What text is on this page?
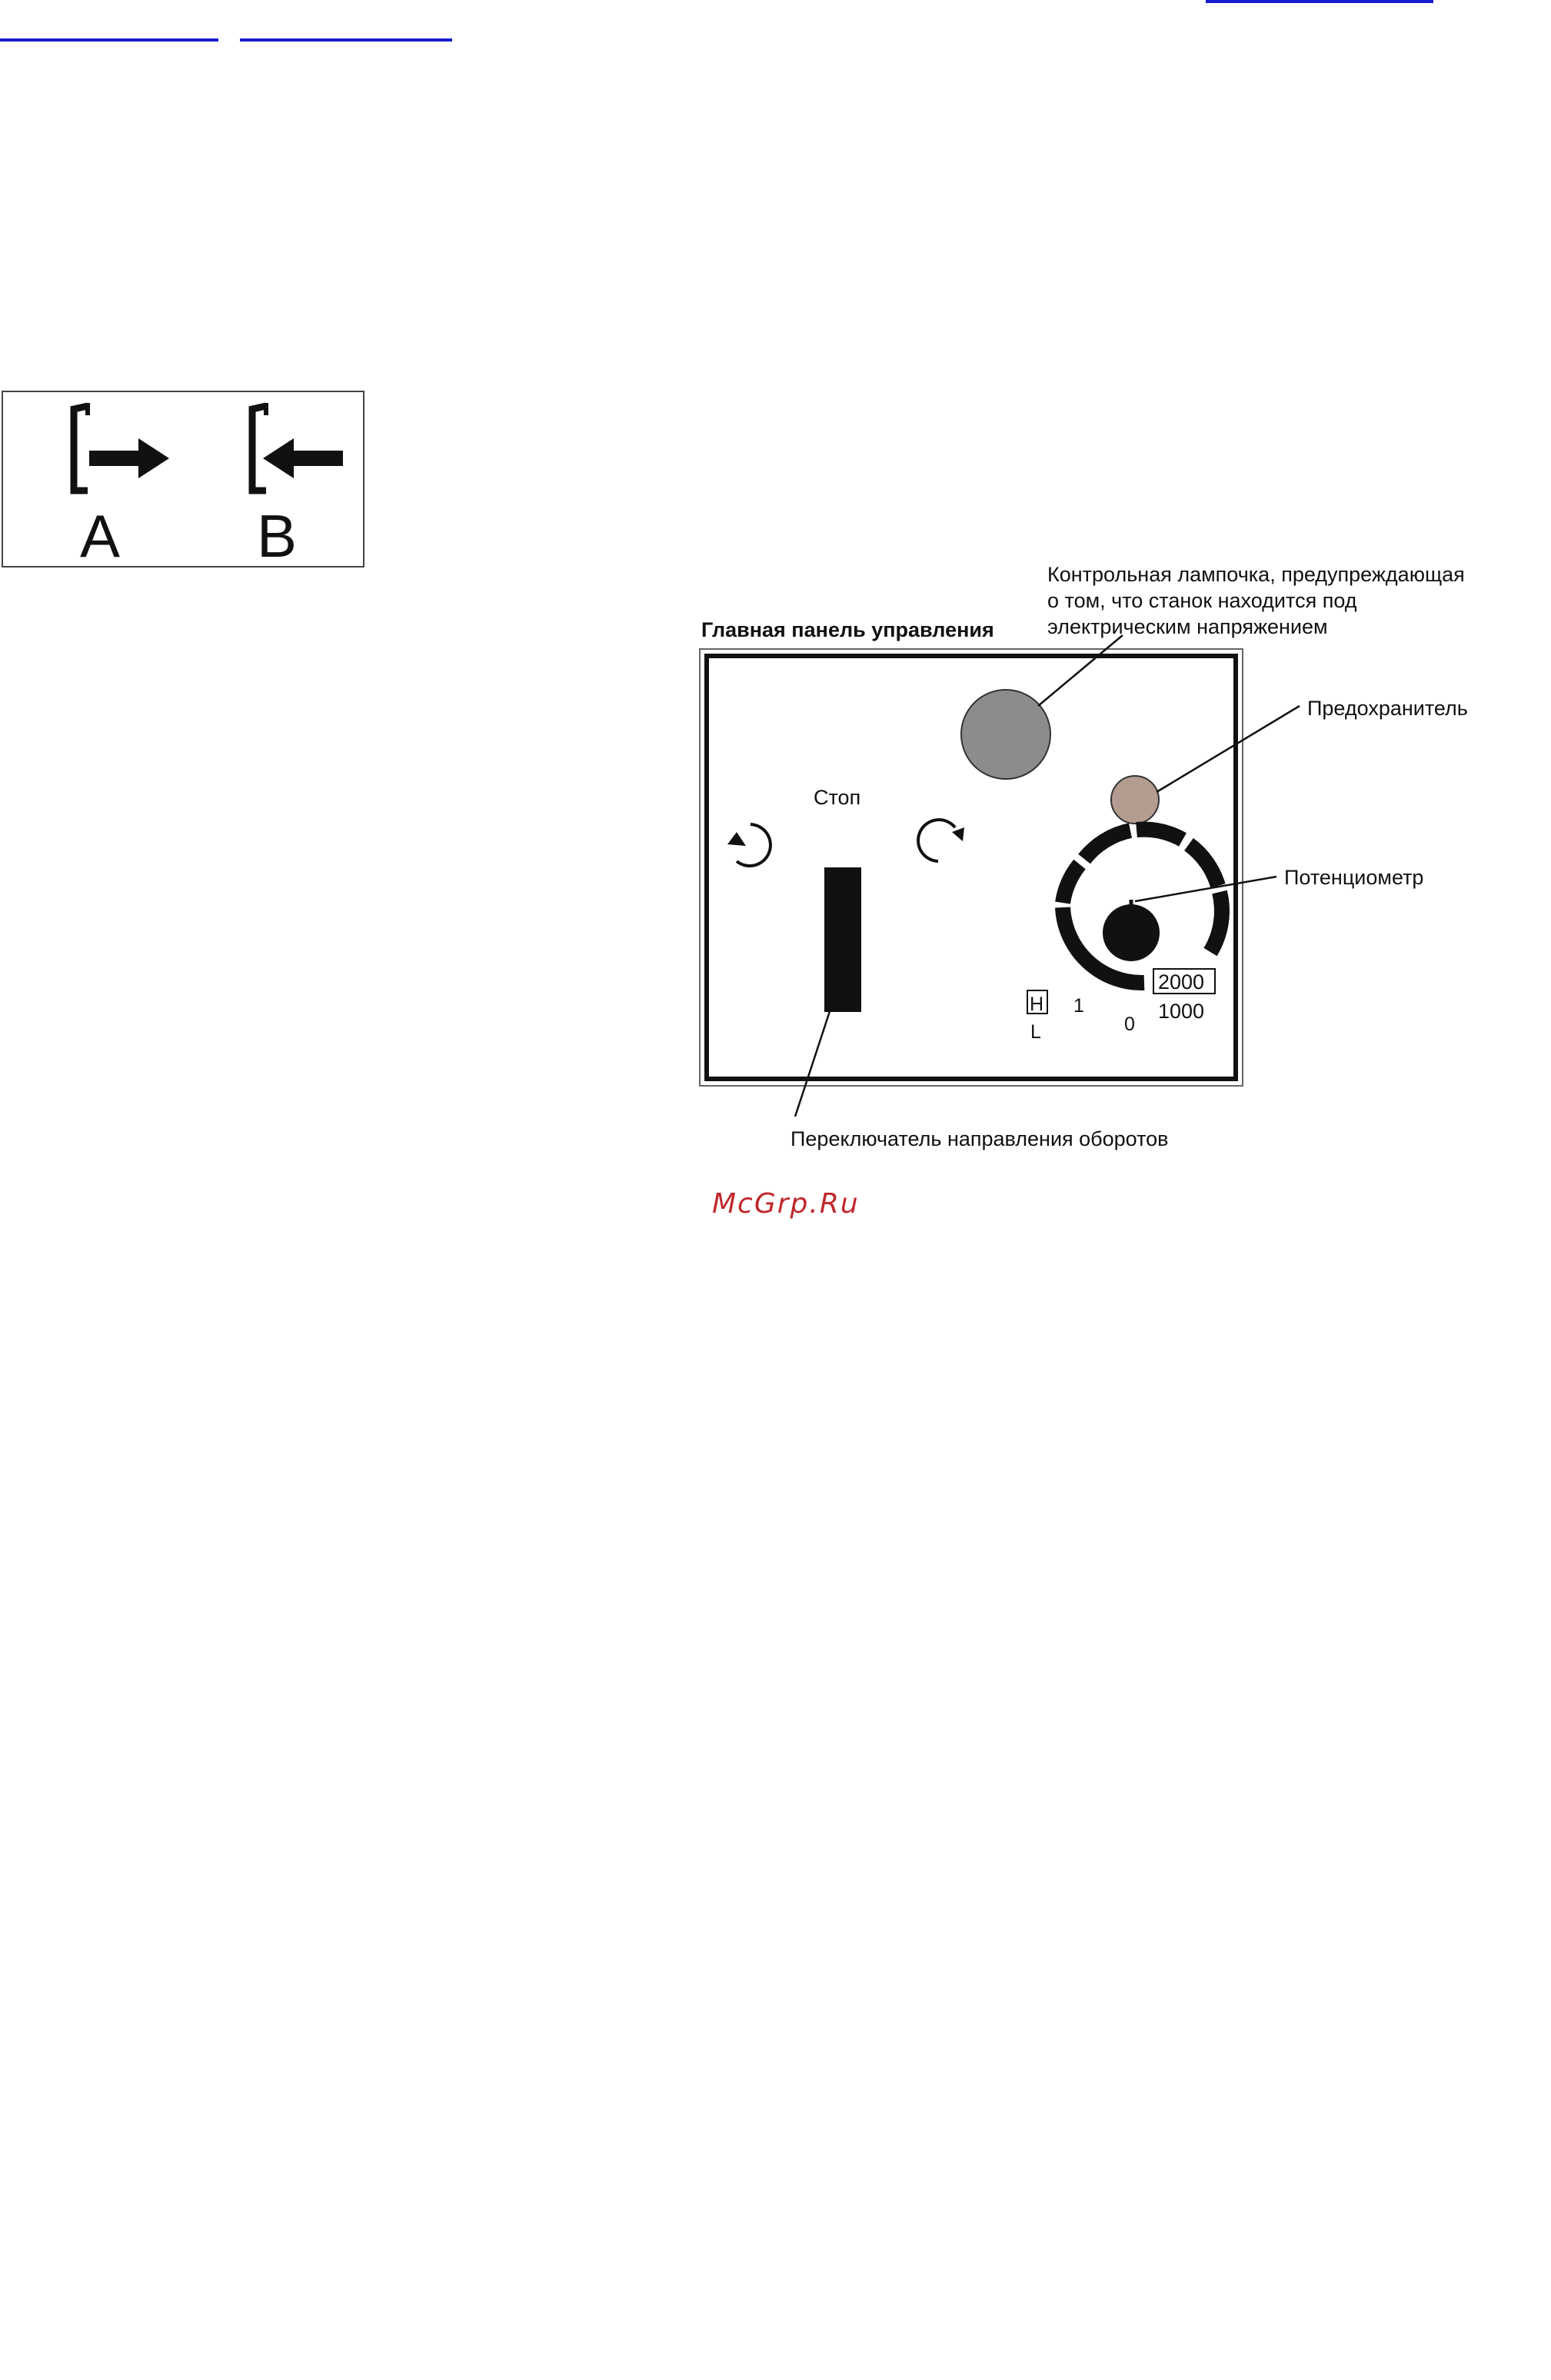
A B
Главная панель управления
Контрольная лампочка, предупреждающая
о том, что станок находится под
электрическим напряжением
Предохранитель
Стоп
Переключатель направления оборотов
Потенциометр
H
L
1
0
2000
1000
McGrp.Ru
